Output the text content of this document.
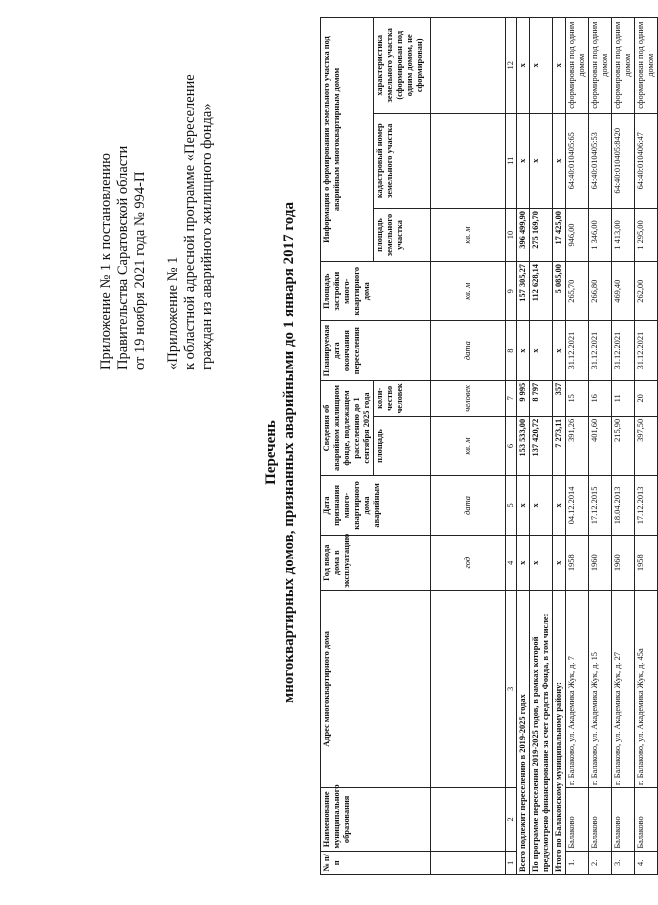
Приложение № 1 к постановлению Правительства Саратовской области от 19 ноября 2021 года № 994-П «Приложение № 1 к областной адресной программе «Переселение граждан из аварийного жилищного фонда»
Перечень многоквартирных домов, признанных аварийными до 1 января 2017 года
№ п/п	Наименование муниципального образования	Адрес многоквартирного дома	Год ввода дома в эксплуатацию	Дата признания много-квартирного дома аварийным	Сведения об аварийном жилищном фонде, подлежащем расселению до 1 сентября 2025 года		Планируемая дата окончания переселения	Площадь застройки много-квартирного дома	Информация о формировании земельного участка под аварийным многоквартирным домом		
					площадь	коли-чество человек			площадь земельного участка	кадастровый номер земельного участка	характеристика земельного участка (сформирован под одним домом, не сформирован)
			год	дата	кв. м	человек	дата	кв. м	кв. м		
1	2	3	4	5	6	7	8	9	10	11	12
Всего подлежит переселению в 2019-2025 годах			x	x	153 533,00	9 995	x	157 305,27	396 499,90	x	x
По программе переселения 2019-2025 годов, в рамках которой предусмотрено финансирование за счет средств Фонда, в том числе:			x	x	137 420,72	8 797	x	112 628,14	275 169,70	x	x
Итого по Балаковскому муниципальному району:			x	x	7 273,11	357	x	5 085,00	17 425,00	x	x
1.	Балаково	г. Балаково, ул. Академика Жук, д. 7	1958	04.12.2014	391,26	15	31.12.2021	265,70	946,00	64:40:010405:65	сформирован под одним домом
2.	Балаково	г. Балаково, ул. Академика Жук, д. 15	1960	17.12.2015	401,60	16	31.12.2021	266,80	1 346,00	64:40:010405:53	сформирован под одним домом
3.	Балаково	г. Балаково, ул. Академика Жук, д. 27	1960	18.04.2013	215,90	11	31.12.2021	469,40	1 413,00	64:40:010405:8420	сформирован под одним домом
4.	Балаково	г. Балаково, ул. Академика Жук, д. 45а	1958	17.12.2013	397,50	20	31.12.2021	262,00	1 295,00	64:40:010406:47	сформирован под одним домом
